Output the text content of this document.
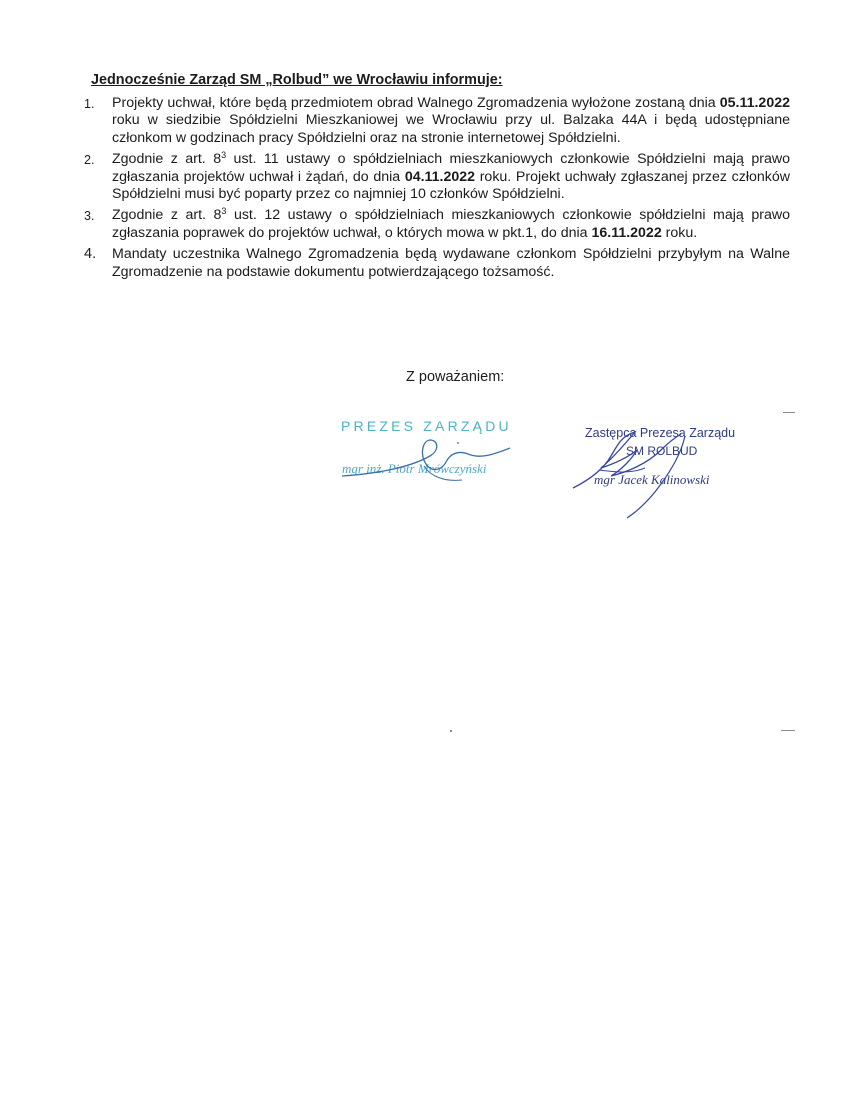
Jednocześnie Zarząd SM „Rolbud” we Wrocławiu informuje:
1. Projekty uchwał, które będą przedmiotem obrad Walnego Zgromadzenia wyłożone zostaną dnia 05.11.2022 roku w siedzibie Spółdzielni Mieszkaniowej we Wrocławiu przy ul. Balzaka 44A i będą udostępniane członkom w godzinach pracy Spółdzielni oraz na stronie internetowej Spółdzielni.
2. Zgodnie z art. $8^3$ ust. 11 ustawy o spółdzielniach mieszkaniowych członkowie Spółdzielni mają prawo zgłaszania projektów uchwał i żądań, do dnia 04.11.2022 roku. Projekt uchwały zgłaszanej przez członków Spółdzielni musi być poparty przez co najmniej 10 członków Spółdzielni.
3. Zgodnie z art. $8^3$ ust. 12 ustawy o spółdzielniach mieszkaniowych członkowie spółdzielni mają prawo zgłaszania poprawek do projektów uchwał, o których mowa w pkt.1, do dnia 16.11.2022 roku.
4. Mandaty uczestnika Walnego Zgromadzenia będą wydawane członkom Spółdzielni przybyłym na Walne Zgromadzenie na podstawie dokumentu potwierdzającego tożsamość.
Z poważaniem:
PREZES ZARZĄDU
mgr inż. Piotr Mrówczyński
Zastępca Prezesa Zarządu
SM ROLBUD
mgr Jacek Kalinowski
